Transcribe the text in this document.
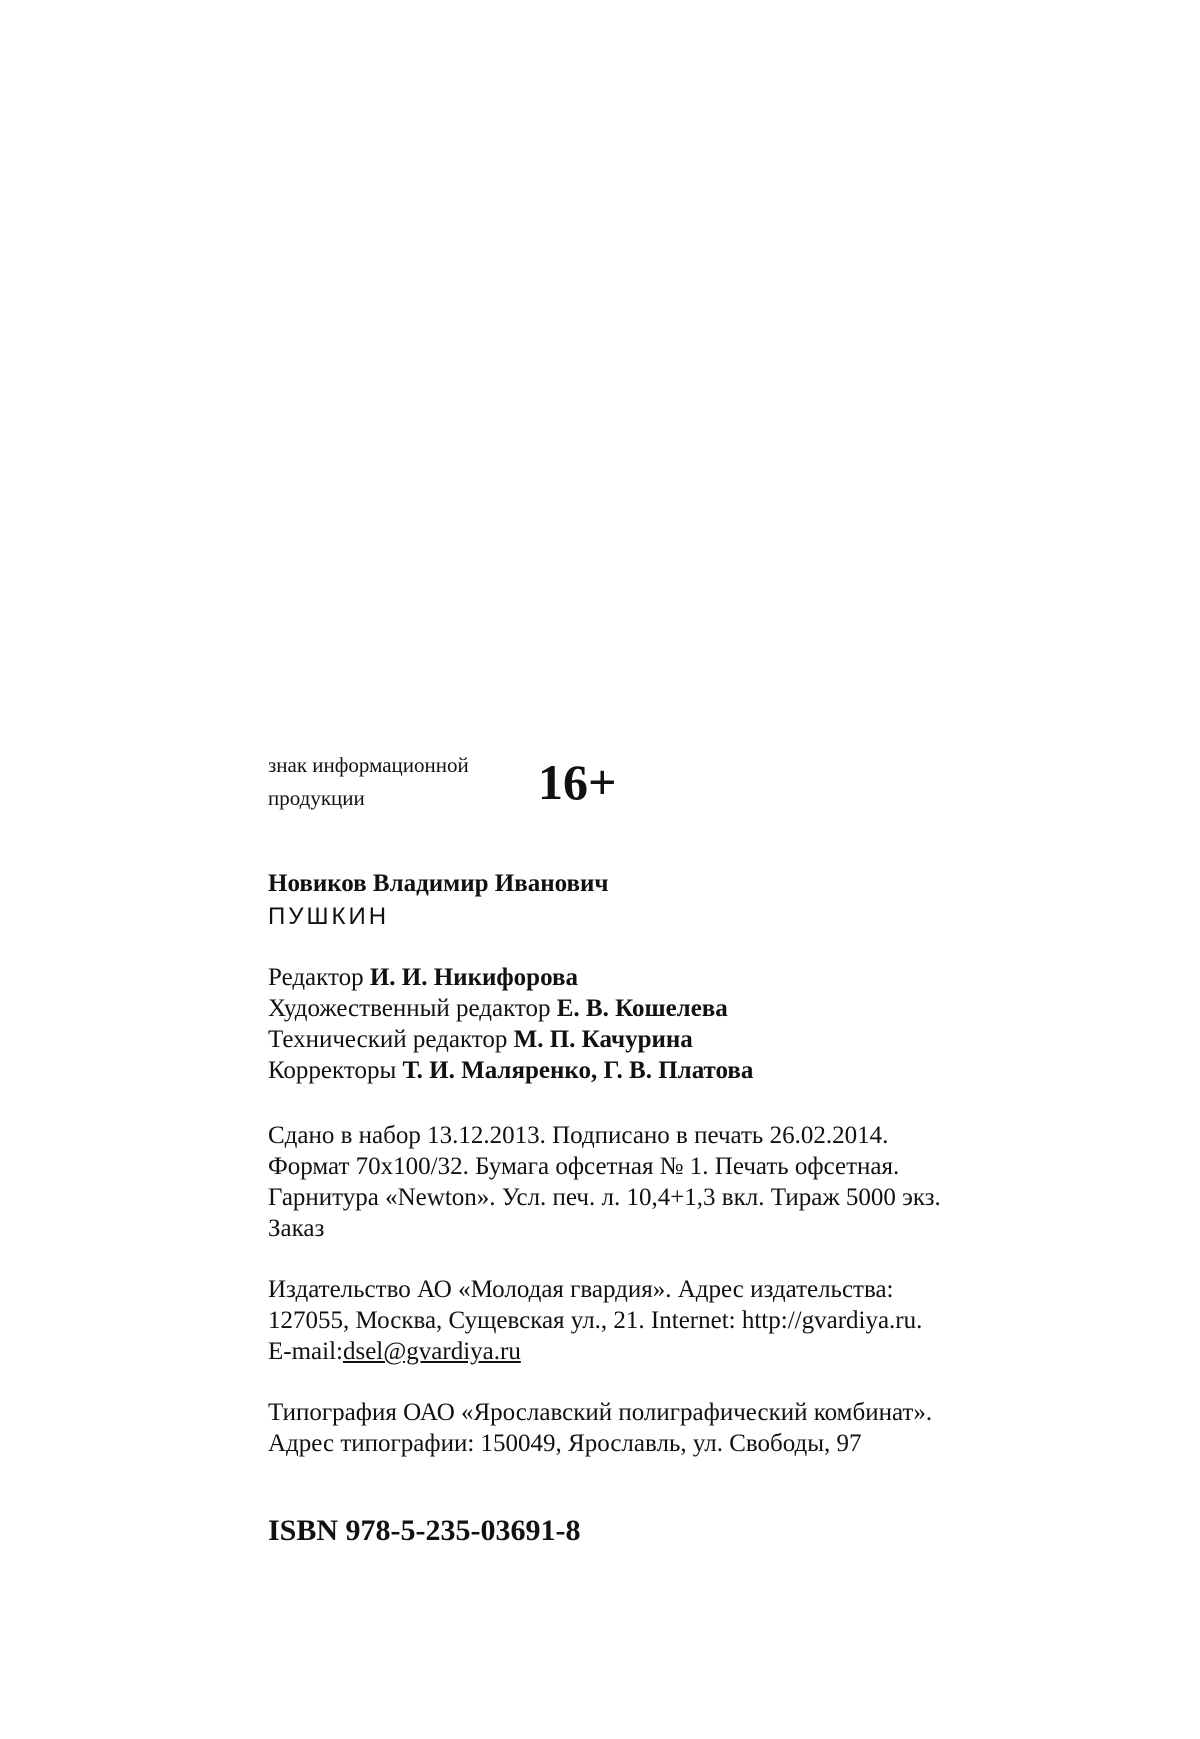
знак информационной
продукции	16+
Новиков Владимир Иванович
ПУШКИН
Редактор И. И. Никифорова
Художественный редактор Е. В. Кошелева
Технический редактор М. П. Качурина
Корректоры Т. И. Маляренко, Г. В. Платова
Сдано в набор 13.12.2013. Подписано в печать 26.02.2014.
Формат 70x100/32. Бумага офсетная № 1. Печать офсетная.
Гарнитура «Newton». Усл. печ. л. 10,4+1,3 вкл. Тираж 5000 экз.
Заказ
Издательство АО «Молодая гвардия». Адрес издательства:
127055, Москва, Сущевская ул., 21. Internet: http://gvardiya.ru.
E-mail:dsel@gvardiya.ru
Типография ОАО «Ярославский полиграфический комбинат».
Адрес типографии: 150049, Ярославль, ул. Свободы, 97
ISBN 978-5-235-03691-8
